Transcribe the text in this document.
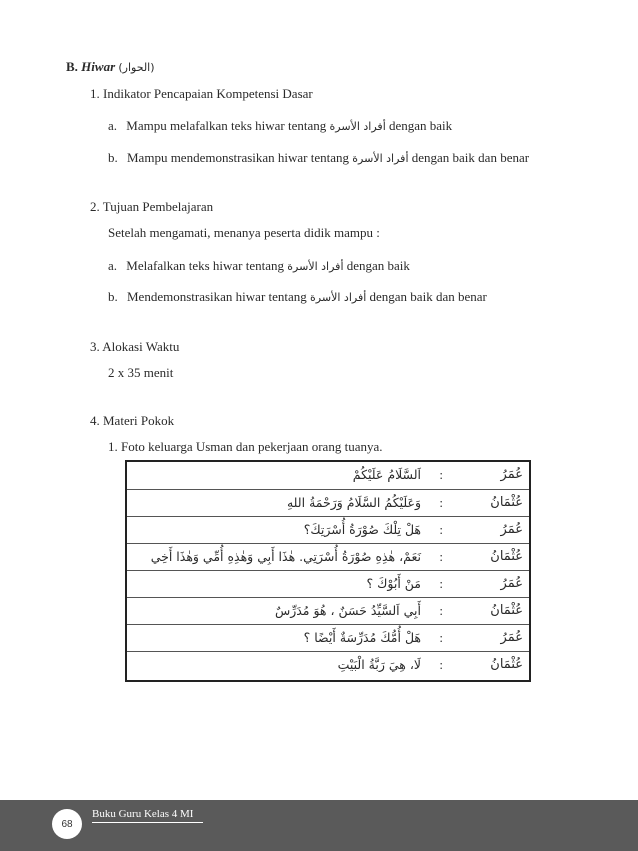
B. Hiwar (الحوار)
1. Indikator Pencapaian Kompetensi Dasar
a. Mampu melafalkan teks hiwar tentang أفراد الأسرة dengan baik
b. Mampu mendemonstrasikan hiwar tentang أفراد الأسرة dengan baik dan benar
2. Tujuan Pembelajaran
Setelah mengamati, menanya peserta didik mampu :
a. Melafalkan teks hiwar tentang أفراد الأسرة dengan baik
b. Mendemonstrasikan hiwar tentang أفراد الأسرة dengan baik dan benar
3. Alokasi Waktu
2 x 35 menit
4. Materi Pokok
1. Foto keluarga Usman dan pekerjaan orang tuanya.
عُمَرُ
:
اَلسَّلَامُ عَلَيْكُمْ
عُثْمَانُ
:
وَعَلَيْكُمُ السَّلَامُ وَرَحْمَةُ اللهِ
عُمَرُ
:
هَلْ تِلْكَ صُوْرَةُ أُسْرَتِكَ؟
عُثْمَانُ
:
نَعَمْ، هٰذِهِ صُوْرَةُ أُسْرَتِي. هٰذَا أَبِي وَهٰذِهِ أُمِّي وَهٰذَا أَخِي
عُمَرُ
:
مَنْ أَبُوْكَ ؟
عُثْمَانُ
:
أَبِي اَلسَّيِّدُ حَسَنٌ ، هُوَ مُدَرِّسٌ
عُمَرُ
:
هَلْ أُمُّكَ مُدَرِّسَةٌ أَيْضًا ؟
عُثْمَانُ
:
لَا، هِيَ رَبَّةُ الْبَيْتِ
68
Buku Guru Kelas 4 MI
